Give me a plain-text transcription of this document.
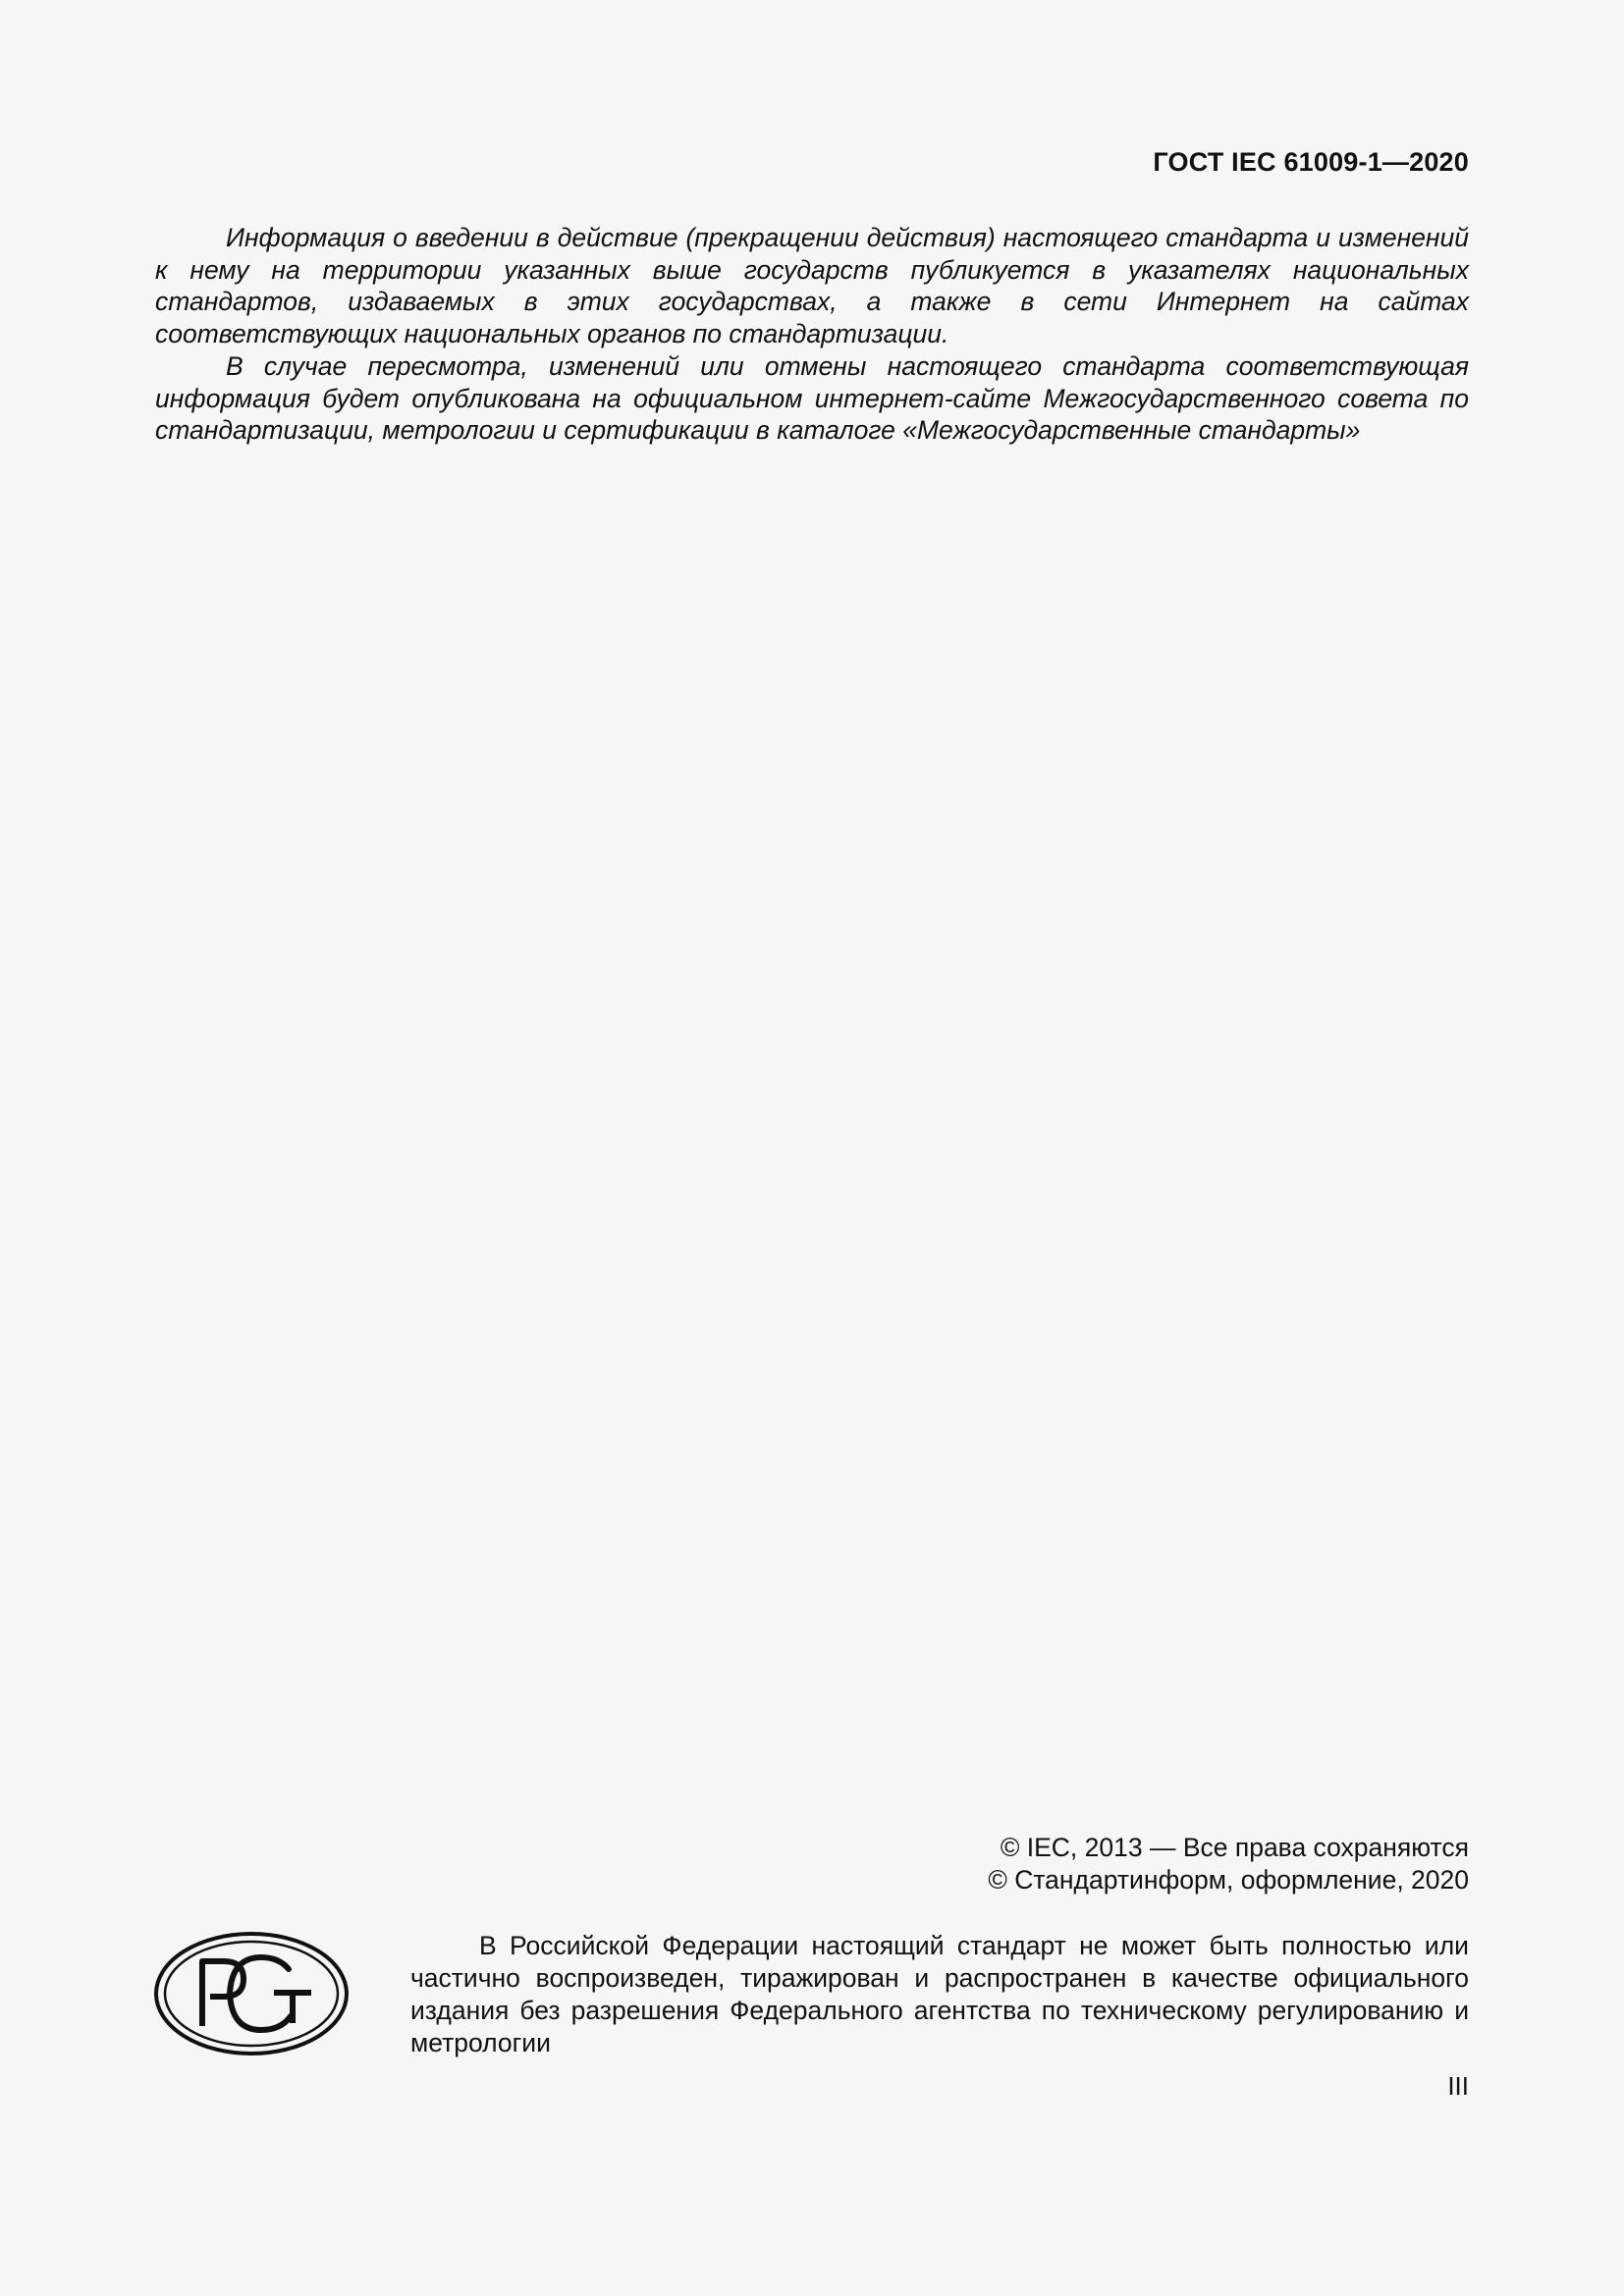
ГОСТ IEC 61009-1—2020

Информация о введении в действие (прекращении действия) настоящего стандарта и изменений к нему на территории указанных выше государств публикуется в указателях национальных стандартов, издаваемых в этих государствах, а также в сети Интернет на сайтах соответствующих национальных органов по стандартизации.

В случае пересмотра, изменений или отмены настоящего стандарта соответствующая информация будет опубликована на официальном интернет-сайте Межгосударственного совета по стандартизации, метрологии и сертификации в каталоге «Межгосударственные стандарты»

© IEC, 2013 — Все права сохраняются
© Стандартинформ, оформление, 2020

В Российской Федерации настоящий стандарт не может быть полностью или частично воспроизведен, тиражирован и распространен в качестве официального издания без разрешения Федерального агентства по техническому регулированию и метрологии

III
